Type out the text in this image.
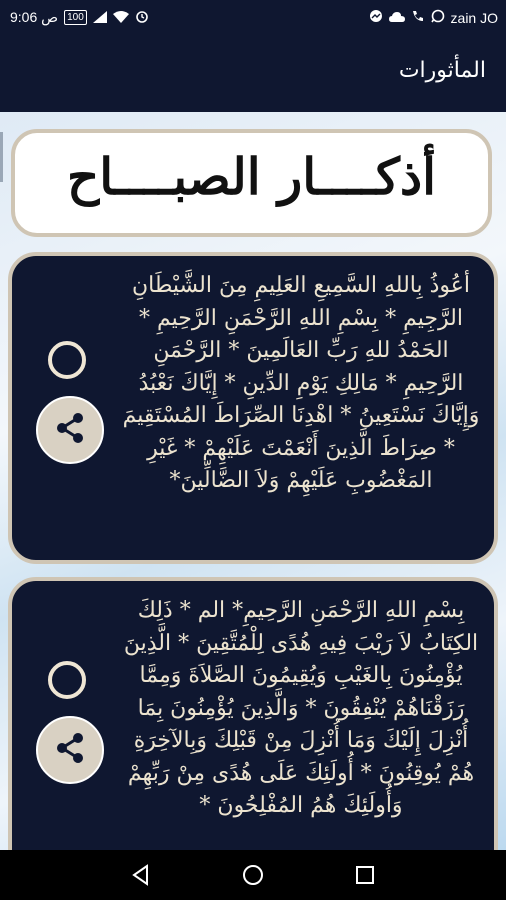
9:06 ص 100	zain JO
المأثورات
أذكــــار الصبــــاح
أعُوذُ بِاللهِ السَّمِيعِ العَلِيمِ مِنَ الشَّيْطَانِ الرَّجِيمِ * بِسْمِ اللهِ الرَّحْمَنِ الرَّحِيمِ * الحَمْدُ للهِ رَبِّ العَالَمِينَ * الرَّحْمَنِ الرَّحِيمِ * مَالِكِ يَوْمِ الدِّينِ * إِيَّاكَ نَعْبُدُ وَإِيَّاكَ نَسْتَعِينُ * اهْدِنَا الصِّرَاطَ المُسْتَقِيمَ * صِرَاطَ الَّذِينَ أَنْعَمْتَ عَلَيْهِمْ * غَيْرِ المَغْضُوبِ عَلَيْهِمْ وَلاَ الضَّالِّينَ*
بِسْمِ اللهِ الرَّحْمَنِ الرَّحِيمِ* الم * ذَلِكَ الكِتَابُ لاَ رَيْبَ فِيهِ هُدًى لِلْمُتَّقِينَ * الَّذِينَ يُؤْمِنُونَ بِالغَيْبِ وَيُقِيمُونَ الصَّلاَةَ وَمِمَّا رَزَقْنَاهُمْ يُنْفِقُونَ * وَالَّذِينَ يُؤْمِنُونَ بِمَا أُنْزِلَ إِلَيْكَ وَمَا أُنْزِلَ مِنْ قَبْلِكَ وَبِالآخِرَةِ هُمْ يُوقِنُونَ * أُولَئِكَ عَلَى هُدًى مِنْ رَبِّهِمْ وَأُولَئِكَ هُمُ المُفْلِحُونَ *
